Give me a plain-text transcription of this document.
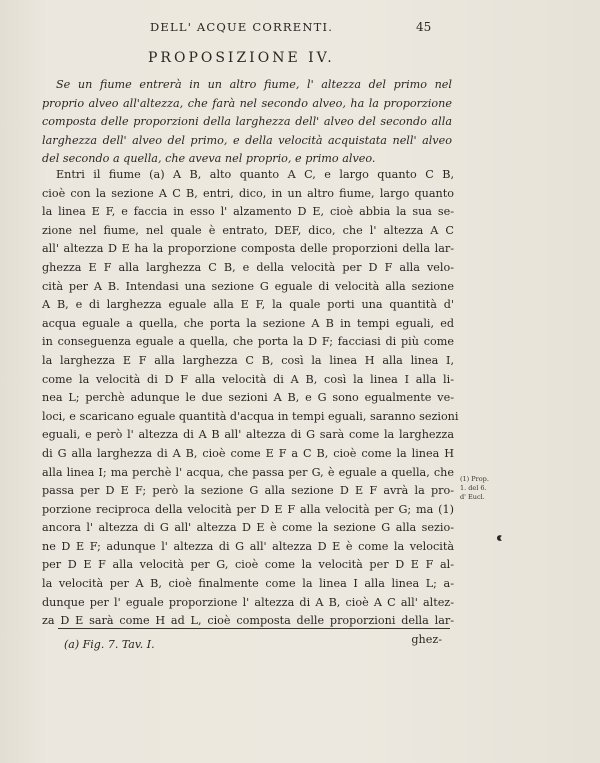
DELL' ACQUE CORRENTI.	45
PROPOSIZIONE IV.
Se un fiume entrerà in un altro fiume, l' altezza del primo nel
proprio alveo all'altezza, che farà nel secondo alveo, ha la proporzione
composta delle proporzioni della larghezza dell' alveo del secondo alla
larghezza dell' alveo del primo, e della velocità acquistata nell' alveo
del secondo a quella, che aveva nel proprio, e primo alveo.
Entri il fiume (a) A B, alto quanto A C, e largo quanto C B,
cioè con la sezione A C B, entri, dico, in un altro fiume, largo quanto
la linea E F, e faccia in esso l' alzamento D E, cioè abbia la sua se-
zione nel fiume, nel quale è entrato, DEF, dico, che l' altezza A C
all' altezza D E ha la proporzione composta delle proporzioni della lar-
ghezza E F alla larghezza C B, e della velocità per D F alla velo-
cità per A B. Intendasi una sezione G eguale di velocità alla sezione
A B, e di larghezza eguale alla E F, la quale porti una quantità d'
acqua eguale a quella, che porta la sezione A B in tempi eguali, ed
in conseguenza eguale a quella, che porta la D F; facciasi di più come
la larghezza E F alla larghezza C B, così la linea H alla linea I,
come la velocità di D F alla velocità di A B, così la linea I alla li-
nea L; perchè adunque le due sezioni A B, e G sono egualmente ve-
loci, e scaricano eguale quantità d'acqua in tempi eguali, saranno sezioni
eguali, e però l' altezza di A B all' altezza di G sarà come la larghezza
di G alla larghezza di A B, cioè come E F a C B, cioè come la linea H
alla linea I; ma perchè l' acqua, che passa per G, è eguale a quella, che
passa per D E F; però la sezione G alla sezione D E F avrà la pro-
porzione reciproca della velocità per D E F alla velocità per G; ma (1)
ancora l' altezza di G all' altezza D E è come la sezione G alla sezio-
ne D E F; adunque l' altezza di G all' altezza D E è come la velocità
per D E F alla velocità per G, cioè come la velocità per D E F al-
la velocità per A B, cioè finalmente come la linea I alla linea L; a-
dunque per l' eguale proporzione l' altezza di A B, cioè A C all' altez-
za D E sarà come H ad L, cioè composta delle proporzioni della lar-
ghez-
(1) Prop.
1. del 6.
d' Eucl.
(a) Fig. 7. Tav. I.
